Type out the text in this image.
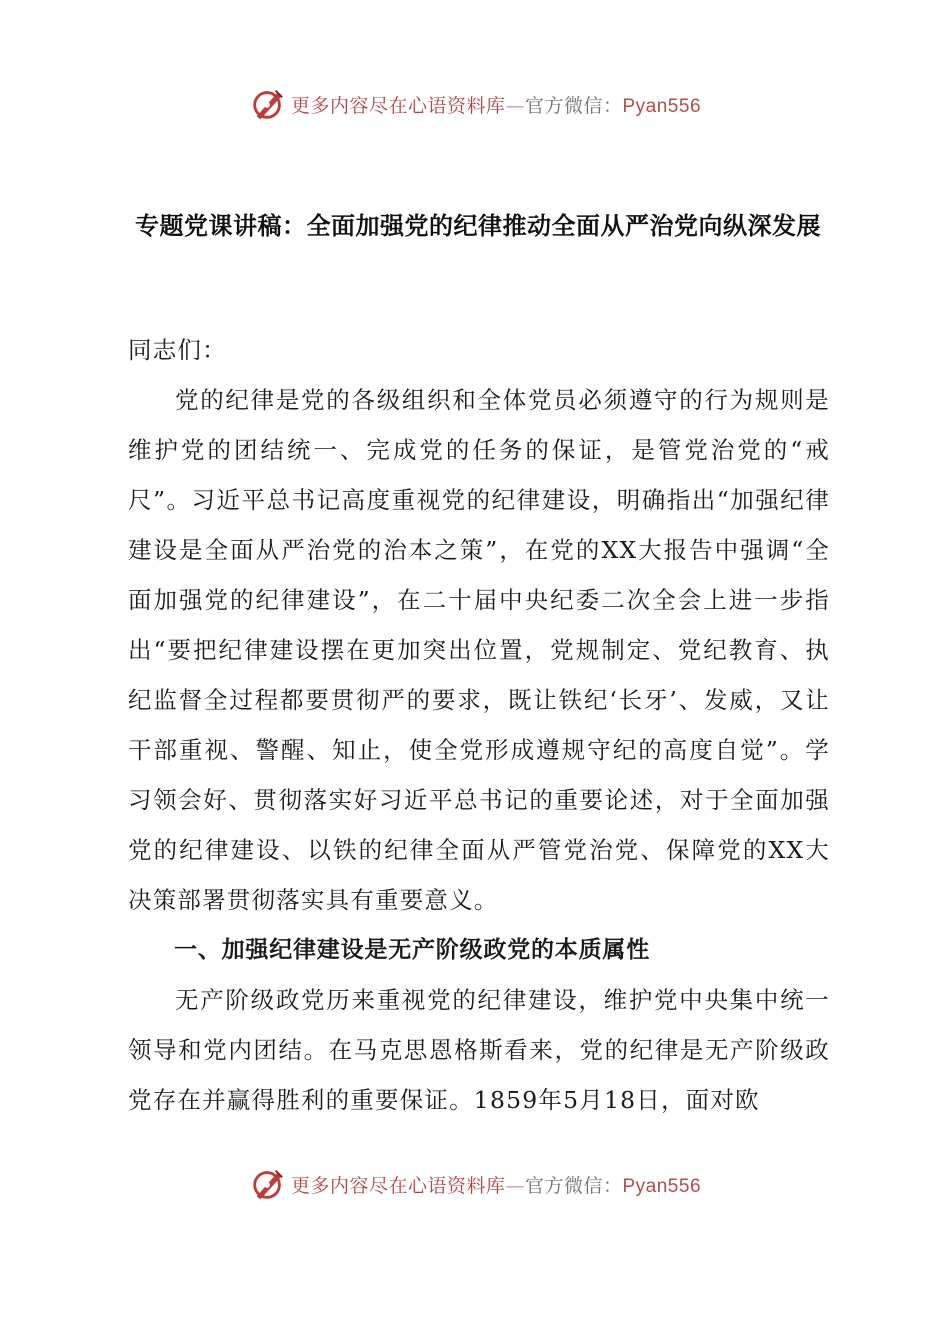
更多内容尽在心语资料库—官方微信：Pyan556
专题党课讲稿：全面加强党的纪律推动全面从严治党向纵深发展

同志们：

党的纪律是党的各级组织和全体党员必须遵守的行为规则是维护党的团结统一、完成党的任务的保证，是管党治党的“戒尺”。习近平总书记高度重视党的纪律建设，明确指出“加强纪律建设是全面从严治党的治本之策”，在党的XX大报告中强调“全面加强党的纪律建设”，在二十届中央纪委二次全会上进一步指出“要把纪律建设摆在更加突出位置，党规制定、党纪教育、执纪监督全过程都要贯彻严的要求，既让铁纪‘长牙’、发威，又让干部重视、警醒、知止，使全党形成遵规守纪的高度自觉”。学习领会好、贯彻落实好习近平总书记的重要论述，对于全面加强党的纪律建设、以铁的纪律全面从严管党治党、保障党的XX大决策部署贯彻落实具有重要意义。

一、加强纪律建设是无产阶级政党的本质属性

无产阶级政党历来重视党的纪律建设，维护党中央集中统一领导和党内团结。在马克思恩格斯看来，党的纪律是无产阶级政党存在并赢得胜利的重要保证。1859年5月18日，面对欧

更多内容尽在心语资料库—官方微信：Pyan556
